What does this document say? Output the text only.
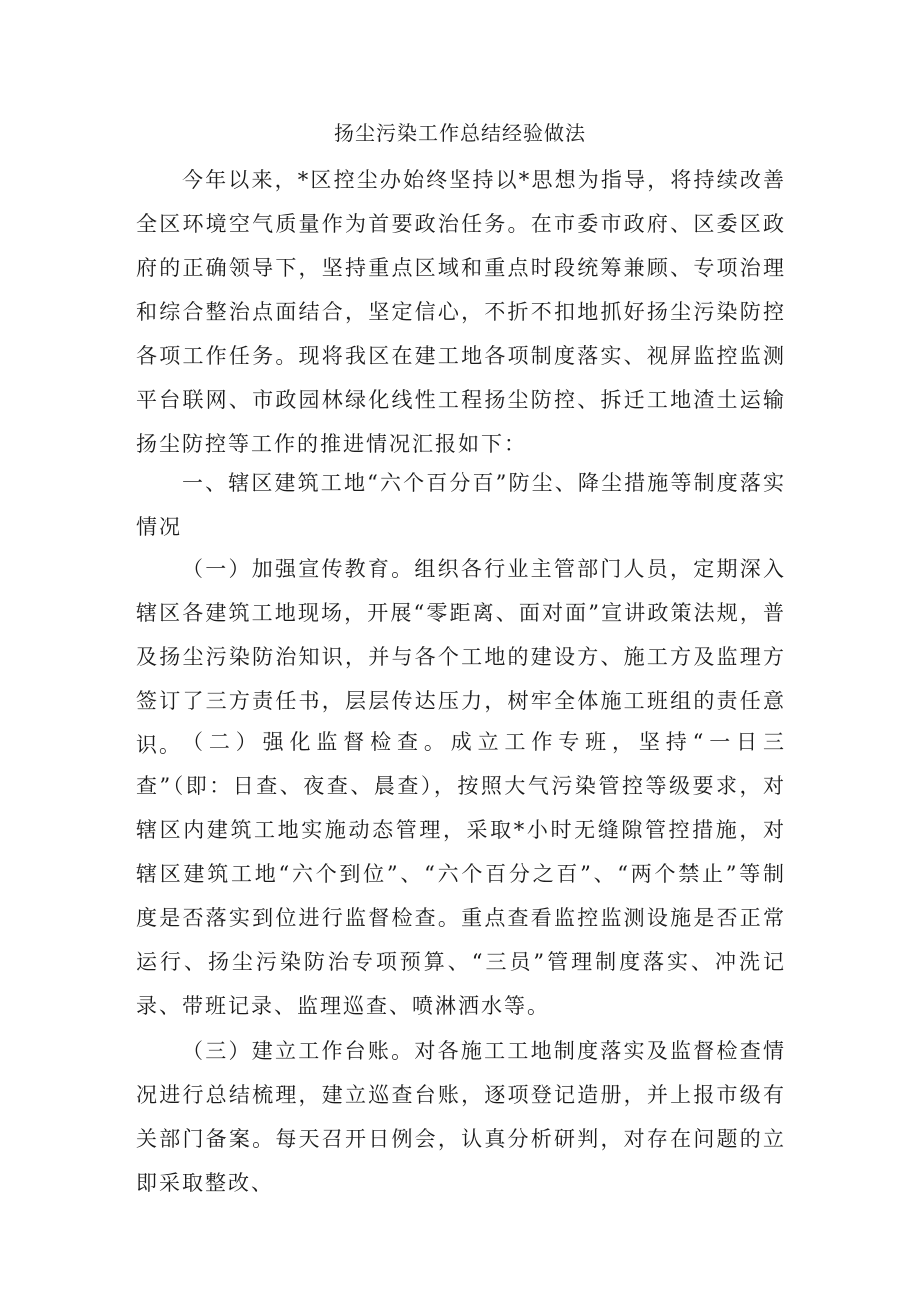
扬尘污染工作总结经验做法

今年以来，*区控尘办始终坚持以*思想为指导，将持续改善全区环境空气质量作为首要政治任务。在市委市政府、区委区政府的正确领导下，坚持重点区域和重点时段统筹兼顾、专项治理和综合整治点面结合，坚定信心，不折不扣地抓好扬尘污染防控各项工作任务。现将我区在建工地各项制度落实、视屏监控监测平台联网、市政园林绿化线性工程扬尘防控、拆迁工地渣土运输扬尘防控等工作的推进情况汇报如下：

一、辖区建筑工地“六个百分百”防尘、降尘措施等制度落实情况

（一）加强宣传教育。组织各行业主管部门人员，定期深入辖区各建筑工地现场，开展“零距离、面对面”宣讲政策法规，普及扬尘污染防治知识，并与各个工地的建设方、施工方及监理方签订了三方责任书，层层传达压力，树牢全体施工班组的责任意识。 （二）强化监督检查。成立工作专班，坚持“一日三查”（即：日查、夜查、晨查），按照大气污染管控等级要求，对辖区内建筑工地实施动态管理，采取*小时无缝隙管控措施，对辖区建筑工地“六个到位”、“六个百分之百”、“两个禁止”等制度是否落实到位进行监督检查。重点查看监控监测设施是否正常运行、扬尘污染防治专项预算、“三员”管理制度落实、冲洗记录、带班记录、监理巡查、喷淋洒水等。

（三）建立工作台账。对各施工工地制度落实及监督检查情况进行总结梳理，建立巡查台账，逐项登记造册，并上报市级有关部门备案。每天召开日例会，认真分析研判，对存在问题的立即采取整改、
